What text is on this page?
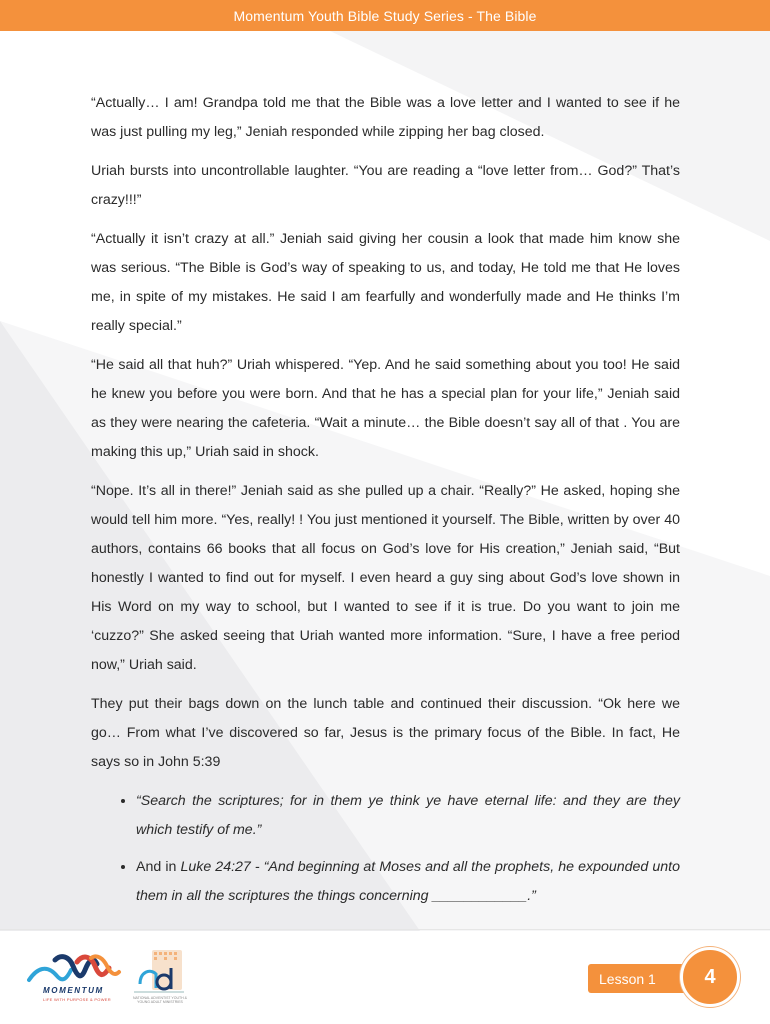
Momentum Youth Bible Study Series - The Bible

“Actually… I am! Grandpa told me that the Bible was a love letter and I wanted to see if he was just pulling my leg,” Jeniah responded while zipping her bag closed.

Uriah bursts into uncontrollable laughter. “You are reading a “love letter from… God?” That’s crazy!!!”

“Actually it isn’t crazy at all.” Jeniah said giving her cousin a look that made him know she was serious. “The Bible is God’s way of speaking to us, and today, He told me that He loves me, in spite of my mistakes. He said I am fearfully and wonderfully made and He thinks I’m really special.”

“He said all that huh?” Uriah whispered. “Yep. And he said something about you too! He said he knew you before you were born. And that he has a special plan for your life,” Jeniah said as they were nearing the cafeteria. “Wait a minute… the Bible doesn’t say all of that . You are making this up,” Uriah said in shock.

“Nope. It’s all in there!” Jeniah said as she pulled up a chair. “Really?” He asked, hoping she would tell him more. “Yes, really! ! You just mentioned it yourself. The Bible, written by over 40 authors, contains 66 books that all focus on God’s love for His creation,” Jeniah said, “But honestly I wanted to find out for myself. I even heard a guy sing about God’s love shown in His Word on my way to school, but I wanted to see if it is true. Do you want to join me ‘cuzzo?” She asked seeing that Uriah wanted more information. “Sure, I have a free period now,” Uriah said.

They put their bags down on the lunch table and continued their discussion. “Ok here we go… From what I’ve discovered so far, Jesus is the primary focus of the Bible. In fact, He says so in John 5:39

• “Search the scriptures; for in them ye think ye have eternal life: and they are they which testify of me.”
• And in Luke 24:27 - “And beginning at Moses and all the prophets, he expounded unto them in all the scriptures the things concerning ____________.”
MOMENTUM
LIFE WITH PURPOSE & POWER	NATIONAL ADVENTIST YOUTH & YOUNG ADULT MINISTRIES
Lesson 1 4
